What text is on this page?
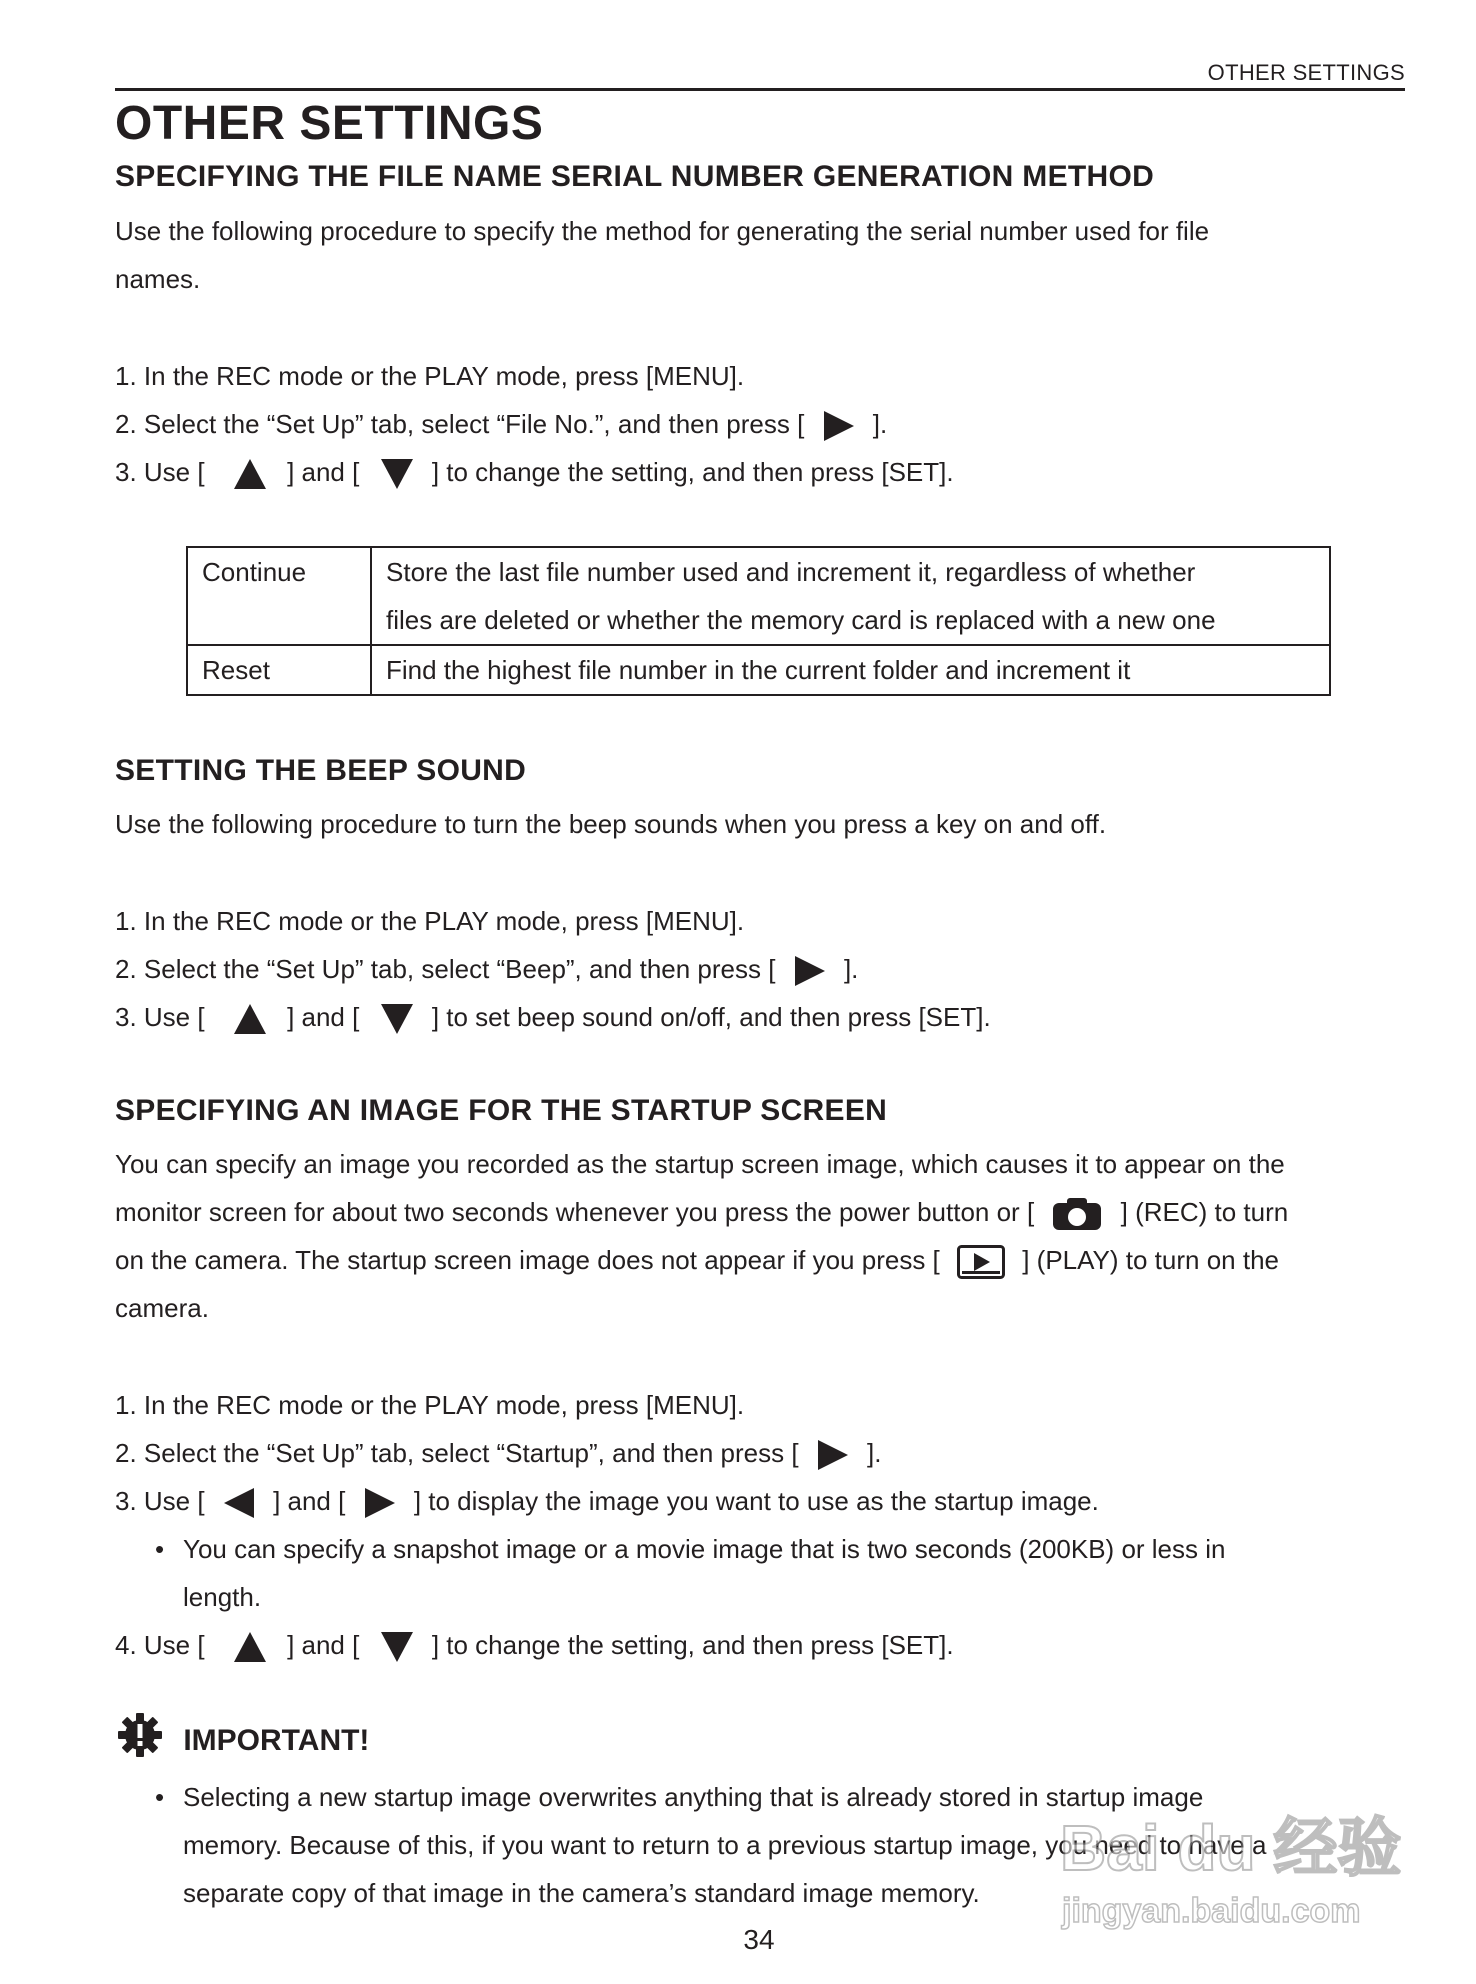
OTHER SETTINGS
OTHER SETTINGS
SPECIFYING THE FILE NAME SERIAL NUMBER GENERATION METHOD
Use the following procedure to specify the method for generating the serial number used for file
names.
1. In the REC mode or the PLAY mode, press [MENU].
2. Select the “Set Up” tab, select “File No.”, and then press [	].
3. Use [	] and [	] to change the setting, and then press [SET].
Continue	Store the last file number used and increment it, regardless of whether
files are deleted or whether the memory card is replaced with a new one

Reset	Find the highest file number in the current folder and increment it
SETTING THE BEEP SOUND
Use the following procedure to turn the beep sounds when you press a key on and off.
1. In the REC mode or the PLAY mode, press [MENU].
2. Select the “Set Up” tab, select “Beep”, and then press [	].
3. Use [	] and [	] to set beep sound on/off, and then press [SET].
SPECIFYING AN IMAGE FOR THE STARTUP SCREEN
You can specify an image you recorded as the startup screen image, which causes it to appear on the
monitor screen for about two seconds whenever you press the power button or [	] (REC) to turn
on the camera. The startup screen image does not appear if you press [	] (PLAY) to turn on the
camera.
1. In the REC mode or the PLAY mode, press [MENU].
2. Select the “Set Up” tab, select “Startup”, and then press [	].
3. Use [	] and [	] to display the image you want to use as the startup image.
• You can specify a snapshot image or a movie image that is two seconds (200KB) or less in
length.
4. Use [	] and [	] to change the setting, and then press [SET].
IMPORTANT!
• Selecting a new startup image overwrites anything that is already stored in startup image
memory. Because of this, if you want to return to a previous startup image, you need to have a
separate copy of that image in the camera’s standard image memory.
34
Bai du 经验
jingyan.baidu.com
